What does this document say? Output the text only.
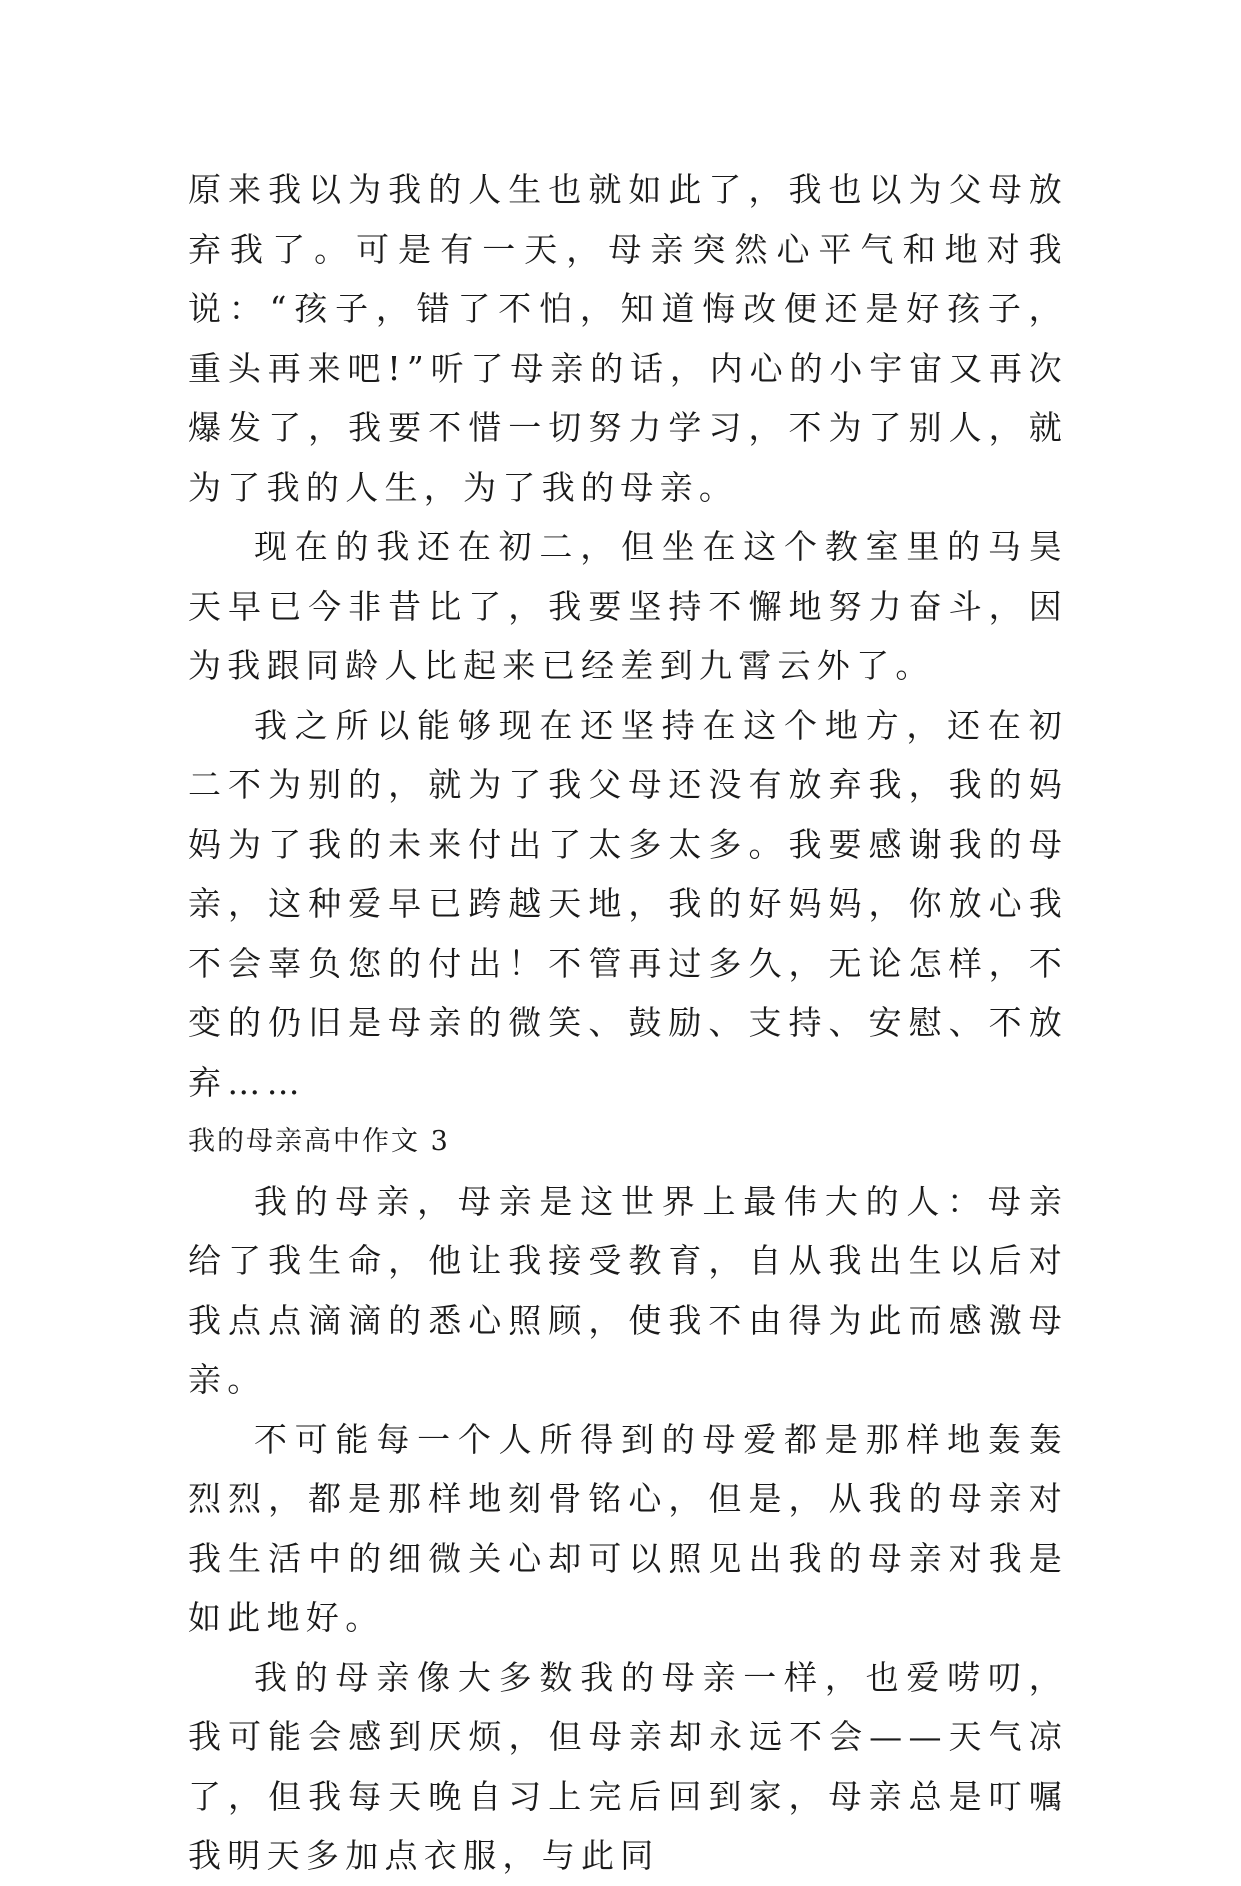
原来我以为我的人生也就如此了，我也以为父母放弃我了。可是有一天，母亲突然心平气和地对我说：“孩子，错了不怕，知道悔改便还是好孩子，重头再来吧!”听了母亲的话，内心的小宇宙又再次爆发了，我要不惜一切努力学习，不为了别人，就为了我的人生，为了我的母亲。

现在的我还在初二，但坐在这个教室里的马昊天早已今非昔比了，我要坚持不懈地努力奋斗，因为我跟同龄人比起来已经差到九霄云外了。

我之所以能够现在还坚持在这个地方，还在初二不为别的，就为了我父母还没有放弃我，我的妈妈为了我的未来付出了太多太多。我要感谢我的母亲，这种爱早已跨越天地，我的好妈妈，你放心我不会辜负您的付出！不管再过多久，无论怎样，不变的仍旧是母亲的微笑、鼓励、支持、安慰、不放弃……

我的母亲高中作文 3

我的母亲，母亲是这世界上最伟大的人：母亲给了我生命，他让我接受教育，自从我出生以后对我点点滴滴的悉心照顾，使我不由得为此而感激母亲。

不可能每一个人所得到的母爱都是那样地轰轰烈烈，都是那样地刻骨铭心，但是，从我的母亲对我生活中的细微关心却可以照见出我的母亲对我是如此地好。

我的母亲像大多数我的母亲一样，也爱唠叨，我可能会感到厌烦，但母亲却永远不会——天气凉了，但我每天晚自习上完后回到家，母亲总是叮嘱我明天多加点衣服，与此同
